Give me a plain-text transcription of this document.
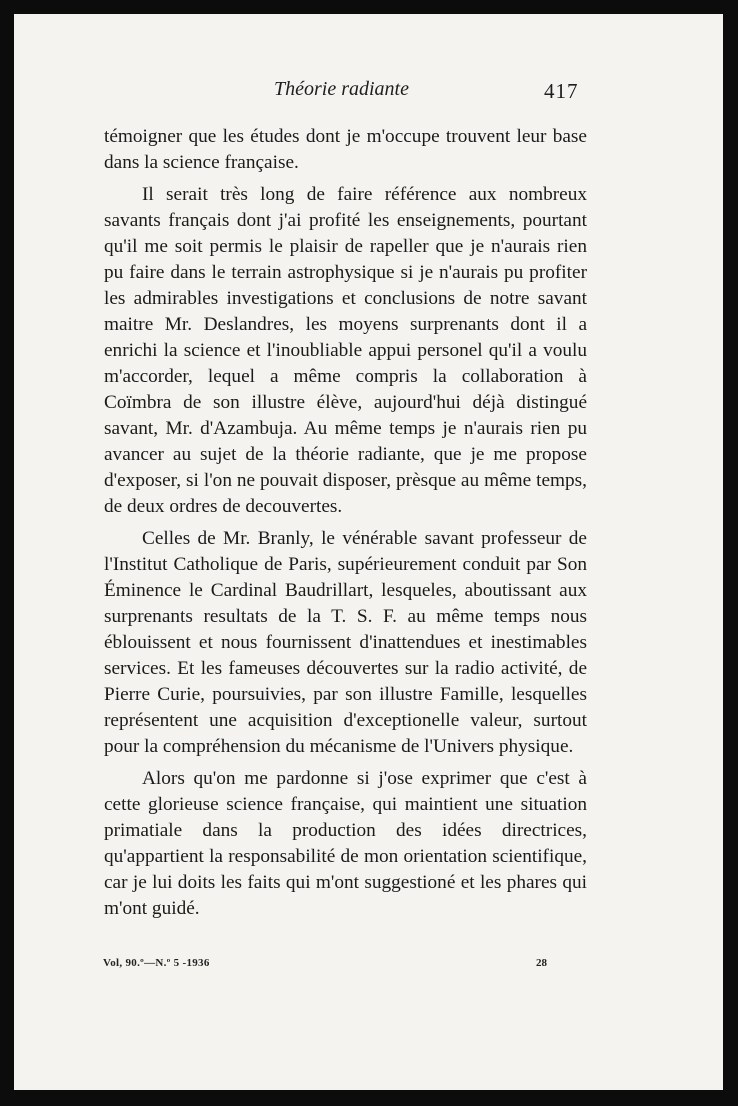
Théorie radiante	417

témoigner que les études dont je m'occupe trouvent leur base dans la science française.

Il serait très long de faire référence aux nombreux savants français dont j'ai profité les enseignements, pourtant qu'il me soit permis le plaisir de rapeller que je n'aurais rien pu faire dans le terrain astrophysique si je n'aurais pu profiter les admirables investigations et conclusions de notre savant maitre Mr. Deslandres, les moyens surprenants dont il a enrichi la science et l'inoubliable appui personel qu'il a voulu m'accorder, lequel a même compris la collaboration à Coïmbra de son illustre élève, aujourd'hui déjà distingué savant, Mr. d'Azambuja. Au même temps je n'aurais rien pu avancer au sujet de la théorie radiante, que je me propose d'exposer, si l'on ne pouvait disposer, prèsque au même temps, de deux ordres de decouvertes.

Celles de Mr. Branly, le vénérable savant professeur de l'Institut Catholique de Paris, supérieurement conduit par Son Éminence le Cardinal Baudrillart, lesqueles, aboutissant aux surprenants resultats de la T. S. F. au même temps nous éblouissent et nous fournissent d'inattendues et inestimables services. Et les fameuses découvertes sur la radio activité, de Pierre Curie, poursuivies, par son illustre Famille, lesquelles représentent une acquisition d'exceptionelle valeur, surtout pour la compréhension du mécanisme de l'Univers physique.

Alors qu'on me pardonne si j'ose exprimer que c'est à cette glorieuse science française, qui maintient une situation primatiale dans la production des idées directrices, qu'appartient la responsabilité de mon orientation scientifique, car je lui doits les faits qui m'ont suggestioné et les phares qui m'ont guidé.

Vol, 90.º—N.º 5 -1936	28
